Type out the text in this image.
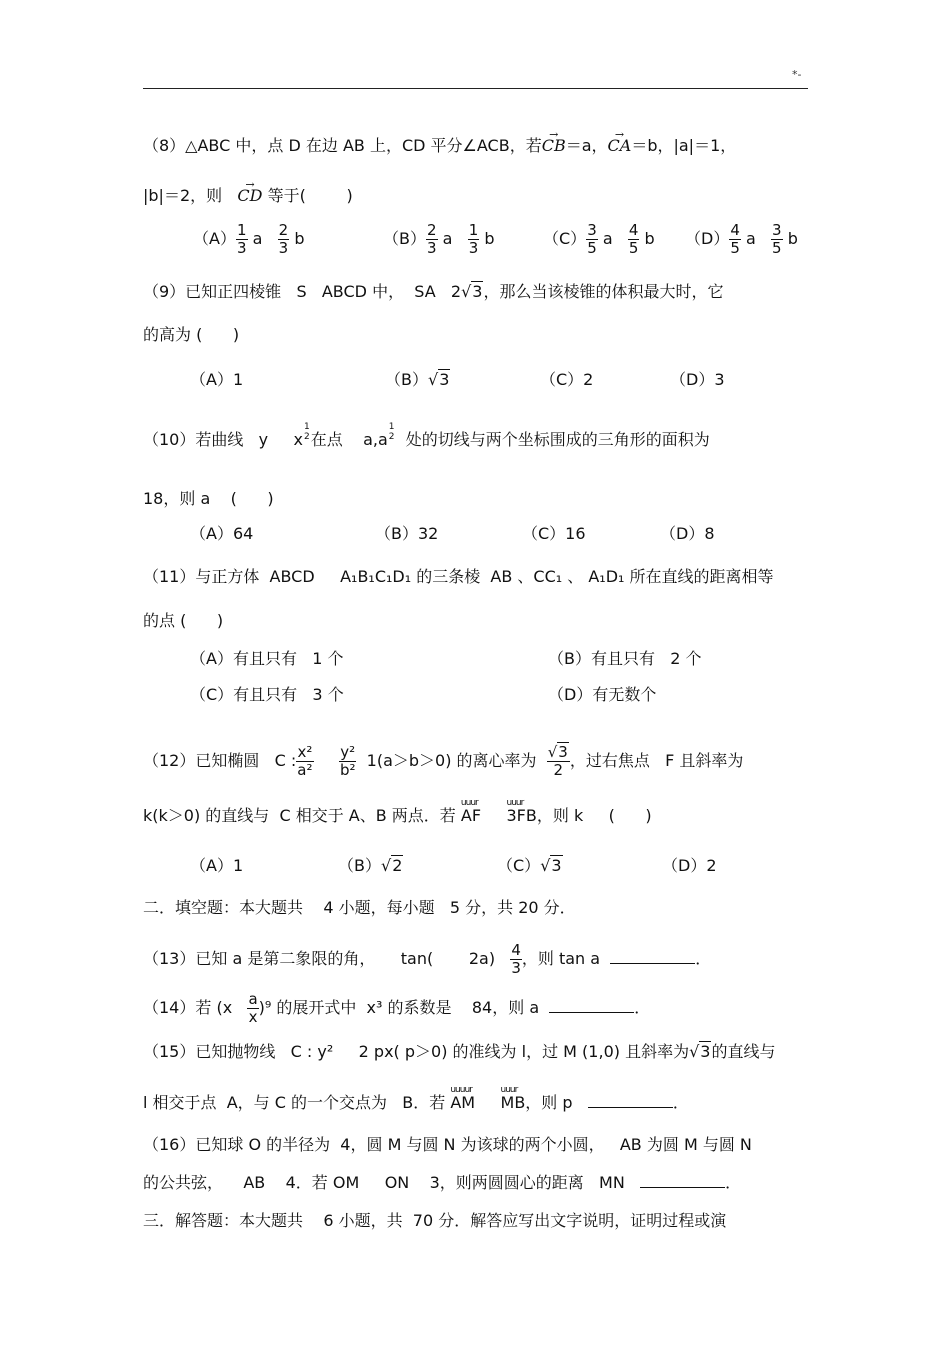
*-
（8）△ABC 中，点 D 在边 AB 上，CD 平分∠ACB，若→ CB＝a，→ CA＝b，|a|＝1，
|b|＝2，则   → CD 等于(        )
$(A) \frac{1}{3}$ a $\frac{2}{3}$ b	$(B) \frac{2}{3}$ a $\frac{1}{3}$ b	$(C) \frac{3}{5}$ a $\frac{4}{5}$ b $(D) \frac{4}{5}$ a $\frac{3}{5}$ b
（9）已知正四棱锥   S   ABCD 中，  SA   2√3，那么当该棱锥的体积最大时，它
的高为 (      )
（A）1	（B）√3	（C）2	（D）3
（10）若曲线   y     x
1
2 在点    a,a
1
2 处的切线与两个坐标围成的三角形的面积为
18，则 a    (      )
（A）64	（B）32	（C）16	（D）8
（11）与正方体  ABCD     A₁B₁C₁D₁ 的三条棱  AB 、CC₁ 、 A₁D₁ 所在直线的距离相等
的点 (      )
（A）有且只有   1 个	（B）有且只有   2 个
（C）有且只有   3 个	（D）有无数个
（12）已知椭圆   C : $\frac{\text{x²}}{\text{a²}}$
$\frac{\text{y²}}{\text{b²}} 1(a>b>0)$ 的离心率为 $\frac{√3}{2}$ ，过右焦点   F 且斜率为
k(k＞0) 的直线与  C 相交于 A、B 两点．若
uuur
AF
uuur
3FB，则 k     (      )
（A）1	（B）√2	（C）√3	（D）2
二．填空题：本大题共    4 小题，每小题   5 分，共 20 分．
（13）已知 a 是第二象限的角，     tan(       $2a) \frac{4}{3}$ ，则 tan a	．
（14）若 $(x \frac{a}{x} )^9$ 的展开式中  x³ 的系数是    84，则 a	．
（15）已知抛物线   C : y²     2 px( p＞0) 的准线为 l，过 M (1,0) 且斜率为√3的直线与
l 相交于点  A，与 C 的一个交点为   B．若
uuuur
AM
uuur
MB，则 p	．
（16）已知球 O 的半径为  4，圆 M 与圆 N 为该球的两个小圆，   AB 为圆 M 与圆 N
的公共弦，    AB    4．若 OM     ON    3，则两圆圆心的距离   MN	．
三．解答题：本大题共    6 小题，共  70 分．解答应写出文字说明，证明过程或演
